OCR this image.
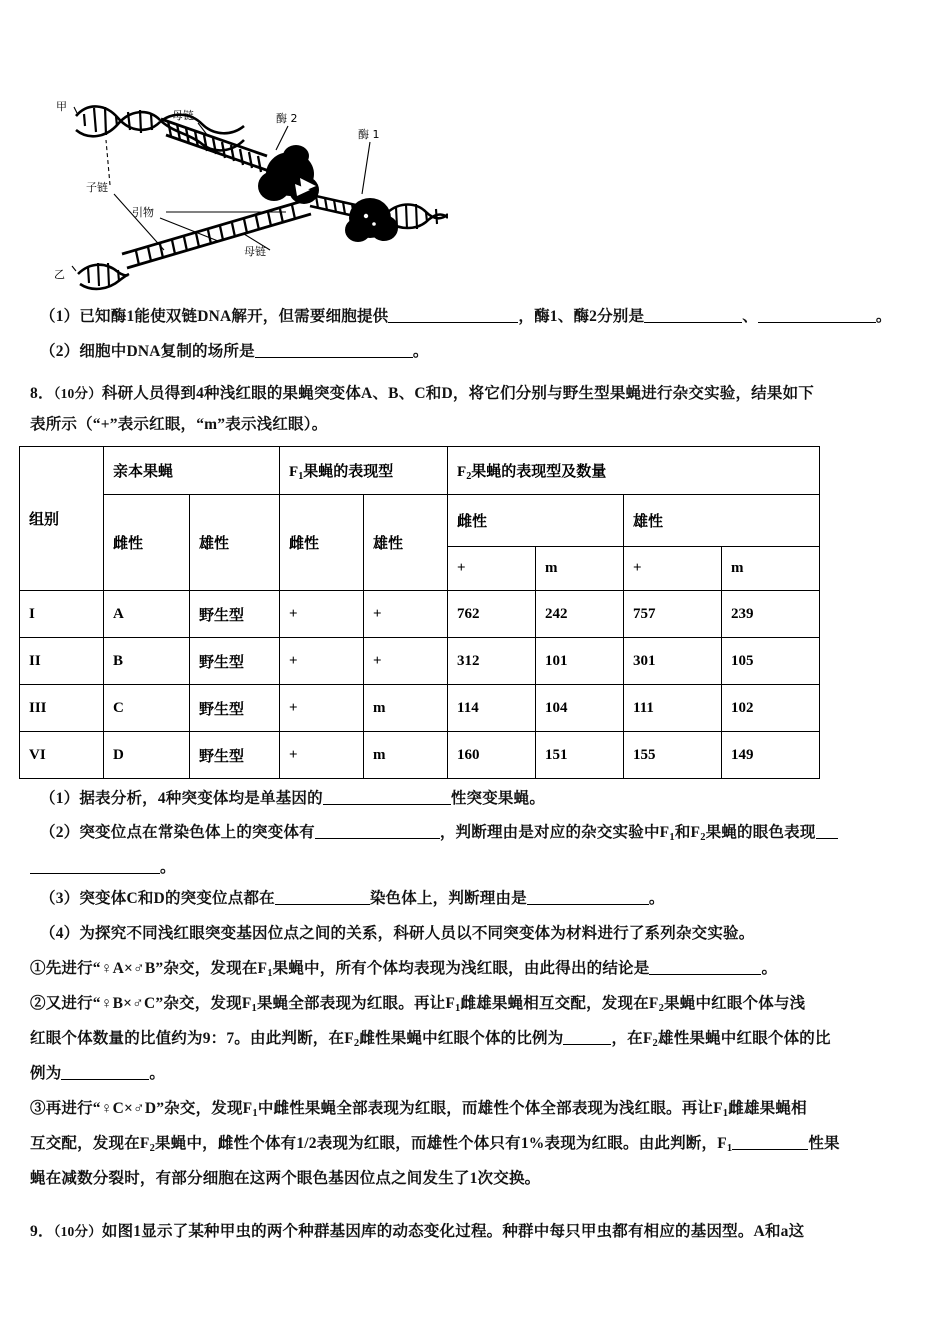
甲
乙
母链
子链
引物
母链
酶 2
酶 1
（1）已知酶1能使双链DNA解开，但需要细胞提供	，酶1、酶2分别是	、	。
（2）细胞中DNA复制的场所是	。
8．（10分）科研人员得到4种浅红眼的果蝇突变体A、B、C和D，将它们分别与野生型果蝇进行杂交实验，结果如下
表所示（“+”表示红眼，“m”表示浅红眼）。
组别	亲本果蝇		$F_1$果蝇的表现型		$F_2$果蝇的表现型及数量			
	雌性	雄性	雌性	雄性	雌性		雄性	
					+	m	+	m
I	A	野生型	+	+	762	242	757	239
II	B	野生型	+	+	312	101	301	105
III	C	野生型	+	m	114	104	111	102
VI	D	野生型	+	m	160	151	155	149
（1）据表分析，4种突变体均是单基因的	性突变果蝇。
（2）突变位点在常染色体上的突变体有	，判断理由是对应的杂交实验中$F_1$和$F_2$果蝇的眼色表现
。
（3）突变体C和D的突变位点都在	染色体上，判断理由是	。
（4）为探究不同浅红眼突变基因位点之间的关系，科研人员以不同突变体为材料进行了系列杂交实验。
①先进行“♀A×♂B”杂交，发现在$F_1$果蝇中，所有个体均表现为浅红眼，由此得出的结论是	。
②又进行“♀B×♂C”杂交，发现$F_1$果蝇全部表现为红眼。再让$F_1$雌雄果蝇相互交配，发现在$F_2$果蝇中红眼个体与浅
红眼个体数量的比值约为9：7。由此判断，在$F_2$雌性果蝇中红眼个体的比例为	，在$F_2$雄性果蝇中红眼个体的比
例为	。
③再进行“♀C×♂D”杂交，发现$F_1$中雌性果蝇全部表现为红眼，而雄性个体全部表现为浅红眼。再让$F_1$雌雄果蝇相
互交配，发现在$F_2$果蝇中，雌性个体有1/2表现为红眼，而雄性个体只有1%表现为红眼。由此判断，$F_1$	性果
蝇在减数分裂时，有部分细胞在这两个眼色基因位点之间发生了1次交换。
9．（10分）如图1显示了某种甲虫的两个种群基因库的动态变化过程。种群中每只甲虫都有相应的基因型。A和a这
